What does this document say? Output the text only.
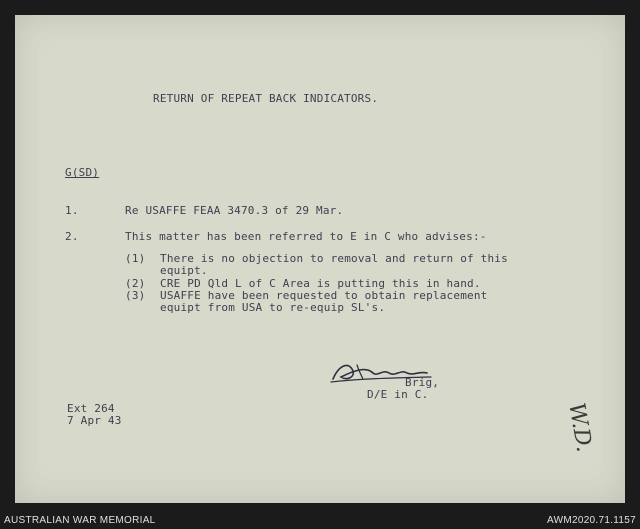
RETURN OF REPEAT BACK INDICATORS.
G(SD)
1.	Re USAFFE FEAA 3470.3 of 29 Mar.
2.	This matter has been referred to E in C who advises:-
(1) There is no objection to removal and return of this
equipt.
(2) CRE PD Qld L of C Area is putting this in hand.
(3) USAFFE have been requested to obtain replacement
equipt from USA to re-equip SL's.
Brig,
D/E in C.
Ext 264
7 Apr 43	W.D.
AUSTRALIAN WAR MEMORIAL	AWM2020.71.1157
